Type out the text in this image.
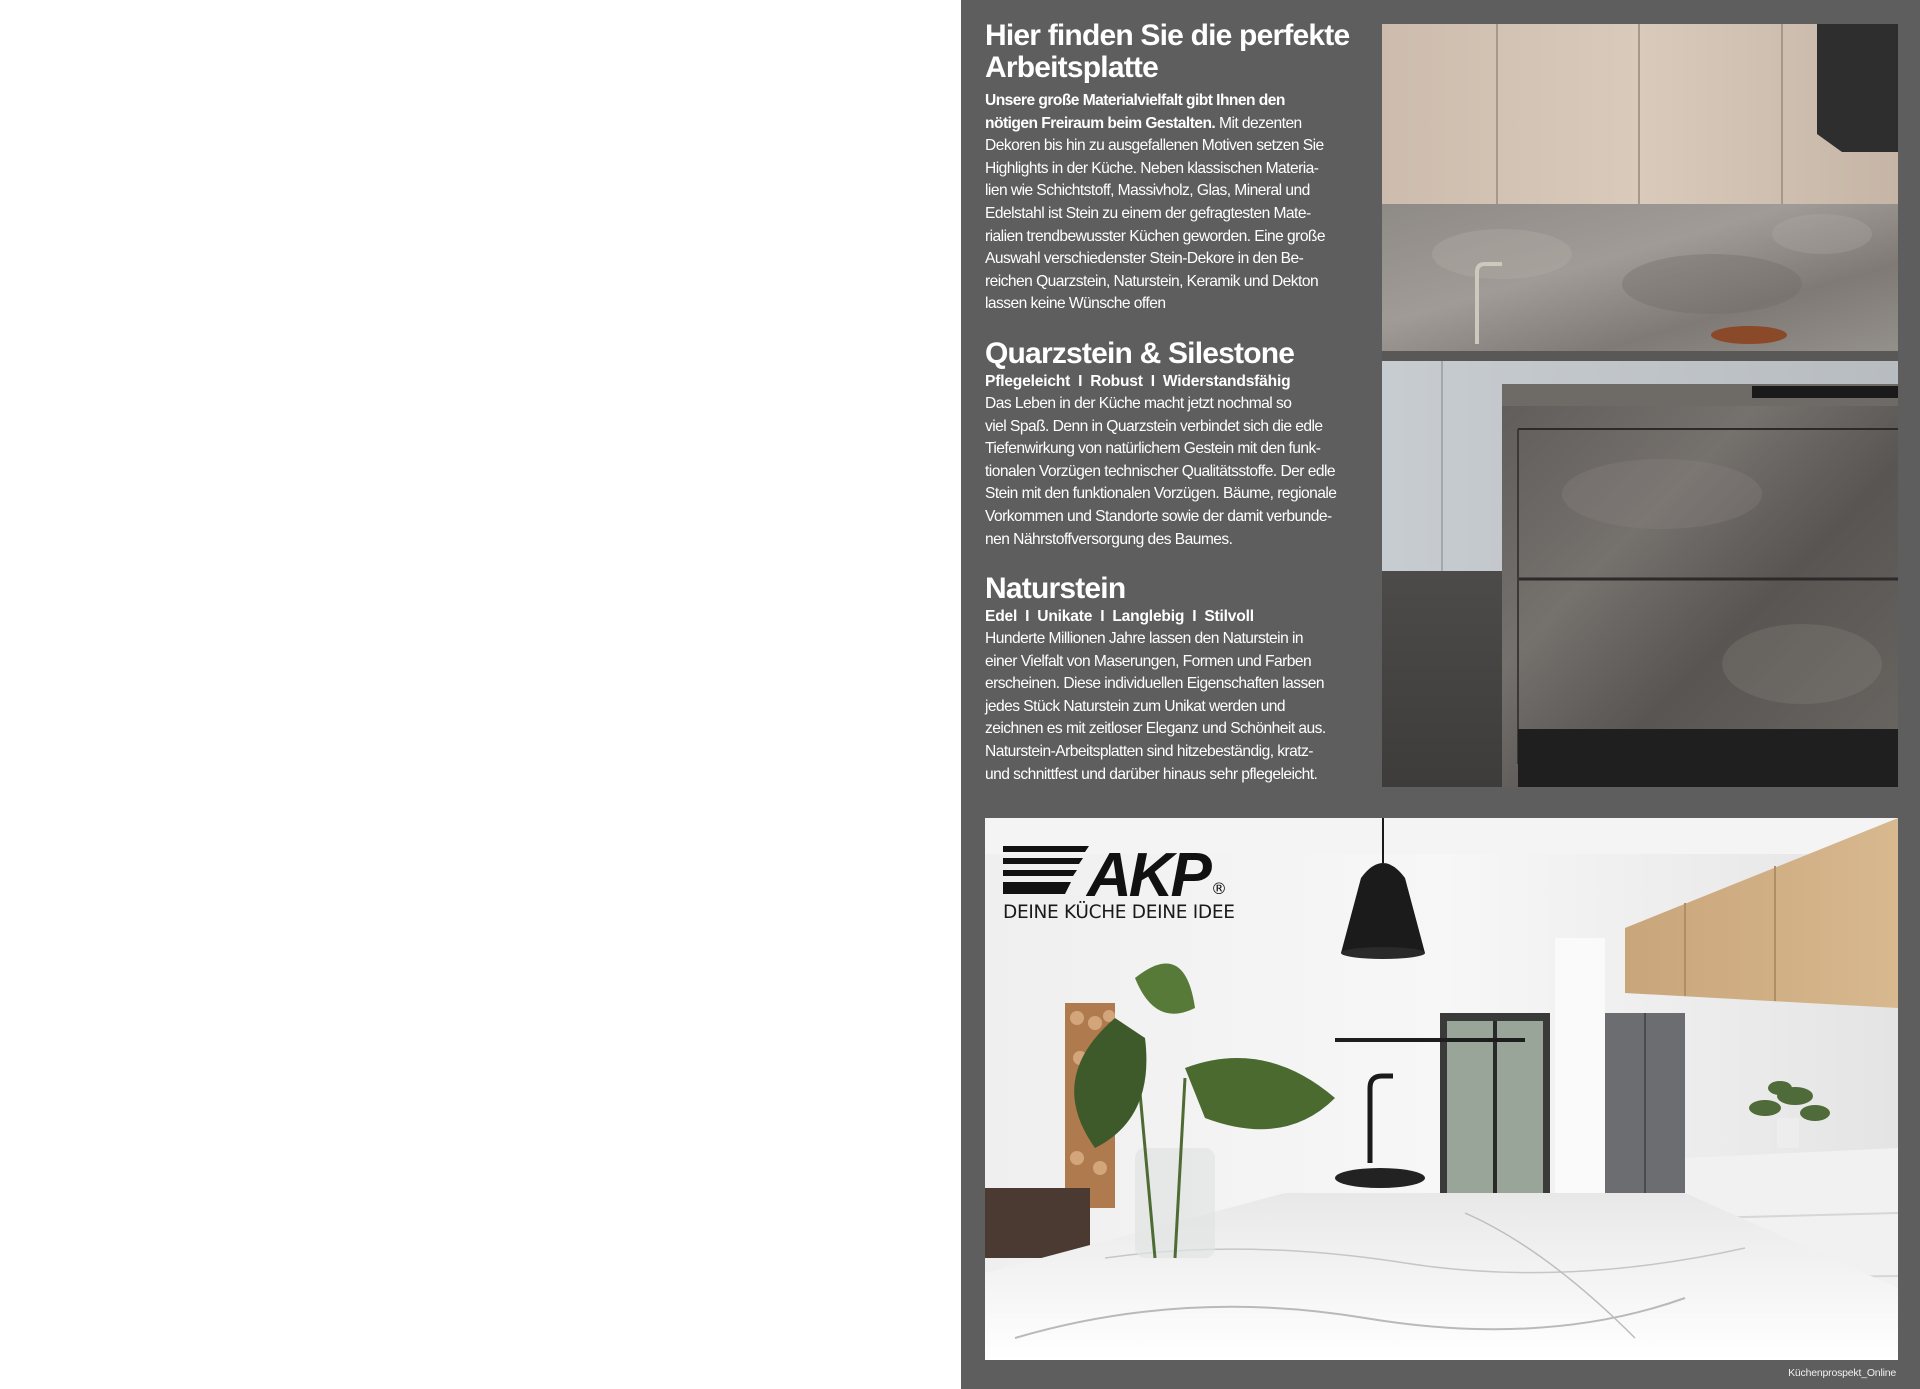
Hier finden Sie die perfekte
Arbeitsplatte

Unsere große Materialvielfalt gibt Ihnen den
nötigen Freiraum beim Gestalten. Mit dezenten
Dekoren bis hin zu ausgefallenen Motiven setzen Sie
Highlights in der Küche. Neben klassischen Materia-
lien wie Schichtstoff, Massivholz, Glas, Mineral und
Edelstahl ist Stein zu einem der gefragtesten Mate-
rialien trendbewusster Küchen geworden. Eine große
Auswahl verschiedenster Stein-Dekore in den Be-
reichen Quarzstein, Naturstein, Keramik und Dekton
lassen keine Wünsche offen

Quarzstein & Silestone

Pflegeleicht I Robust I Widerstandsfähig

Das Leben in der Küche macht jetzt nochmal so
viel Spaß. Denn in Quarzstein verbindet sich die edle
Tiefenwirkung von natürlichem Gestein mit den funk-
tionalen Vorzügen technischer Qualitätsstoffe. Der edle
Stein mit den funktionalen Vorzügen. Bäume, regionale
Vorkommen und Standorte sowie der damit verbunde-
nen Nährstoffversorgung des Baumes.

Naturstein

Edel I Unikate I Langlebig I Stilvoll

Hunderte Millionen Jahre lassen den Naturstein in
einer Vielfalt von Maserungen, Formen und Farben
erscheinen. Diese individuellen Eigenschaften lassen
jedes Stück Naturstein zum Unikat werden und
zeichnen es mit zeitloser Eleganz und Schönheit aus.
Naturstein-Arbeitsplatten sind hitzebeständig, kratz-
und schnittfest und darüber hinaus sehr pflegeleicht.

AKP ®
DEINE KÜCHE DEINE IDEE
Küchenprospekt_Online
